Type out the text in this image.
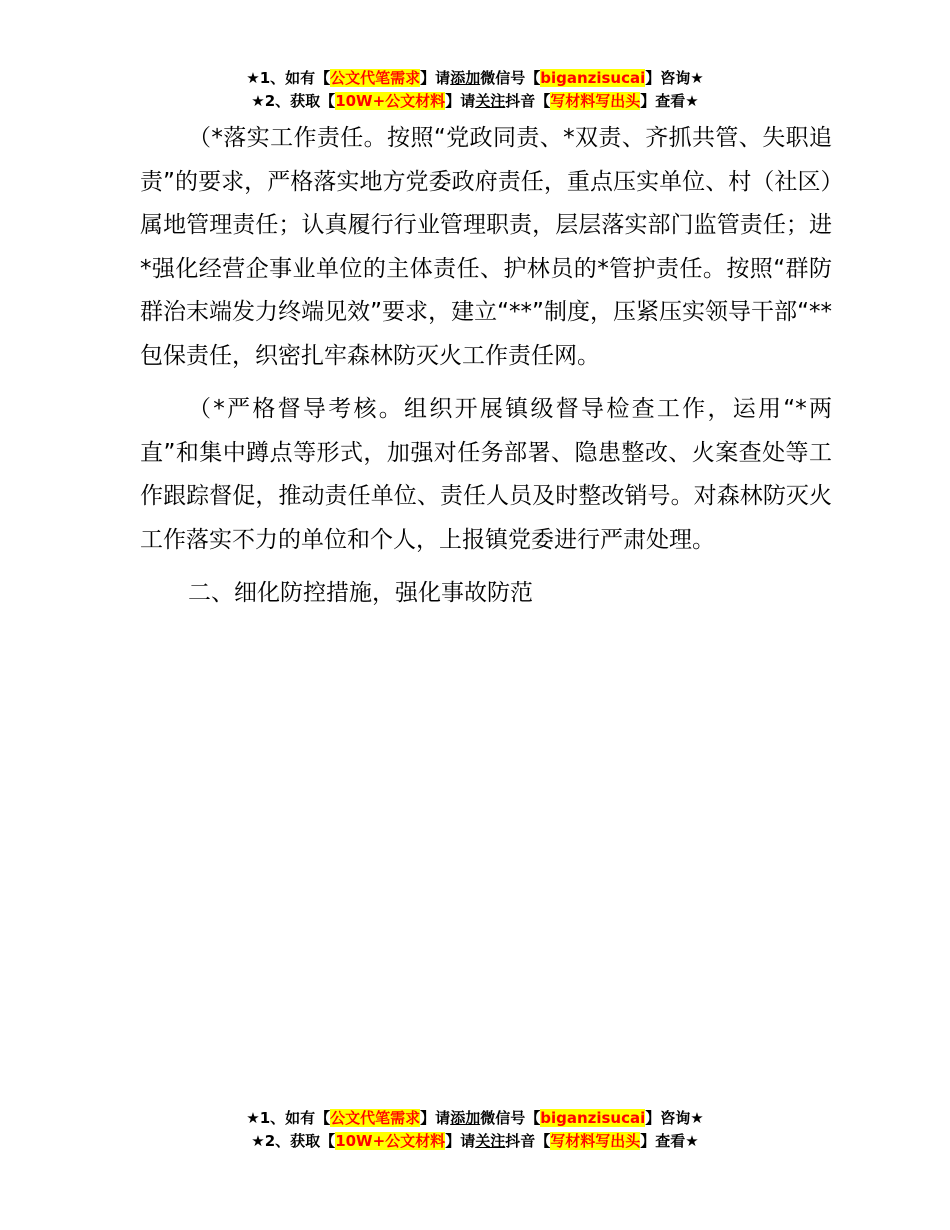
★1、如有【公文代笔需求】请添加微信号【biganzisucai】咨询★
★2、获取【10W+公文材料】请关注抖音【写材料写出头】查看★

（*落实工作责任。按照“党政同责、*双责、齐抓共管、失职追责”的要求，严格落实地方党委政府责任，重点压实单位、村（社区）属地管理责任；认真履行行业管理职责，层层落实部门监管责任；进*强化经营企事业单位的主体责任、护林员的*管护责任。按照“群防群治末端发力终端见效”要求，建立“**”制度，压紧压实领导干部“**包保责任，织密扎牢森林防灭火工作责任网。

（*严格督导考核。组织开展镇级督导检查工作，运用“*两直”和集中蹲点等形式，加强对任务部署、隐患整改、火案查处等工作跟踪督促，推动责任单位、责任人员及时整改销号。对森林防灭火工作落实不力的单位和个人，上报镇党委进行严肃处理。

二、细化防控措施，强化事故防范

★1、如有【公文代笔需求】请添加微信号【biganzisucai】咨询★
★2、获取【10W+公文材料】请关注抖音【写材料写出头】查看★
